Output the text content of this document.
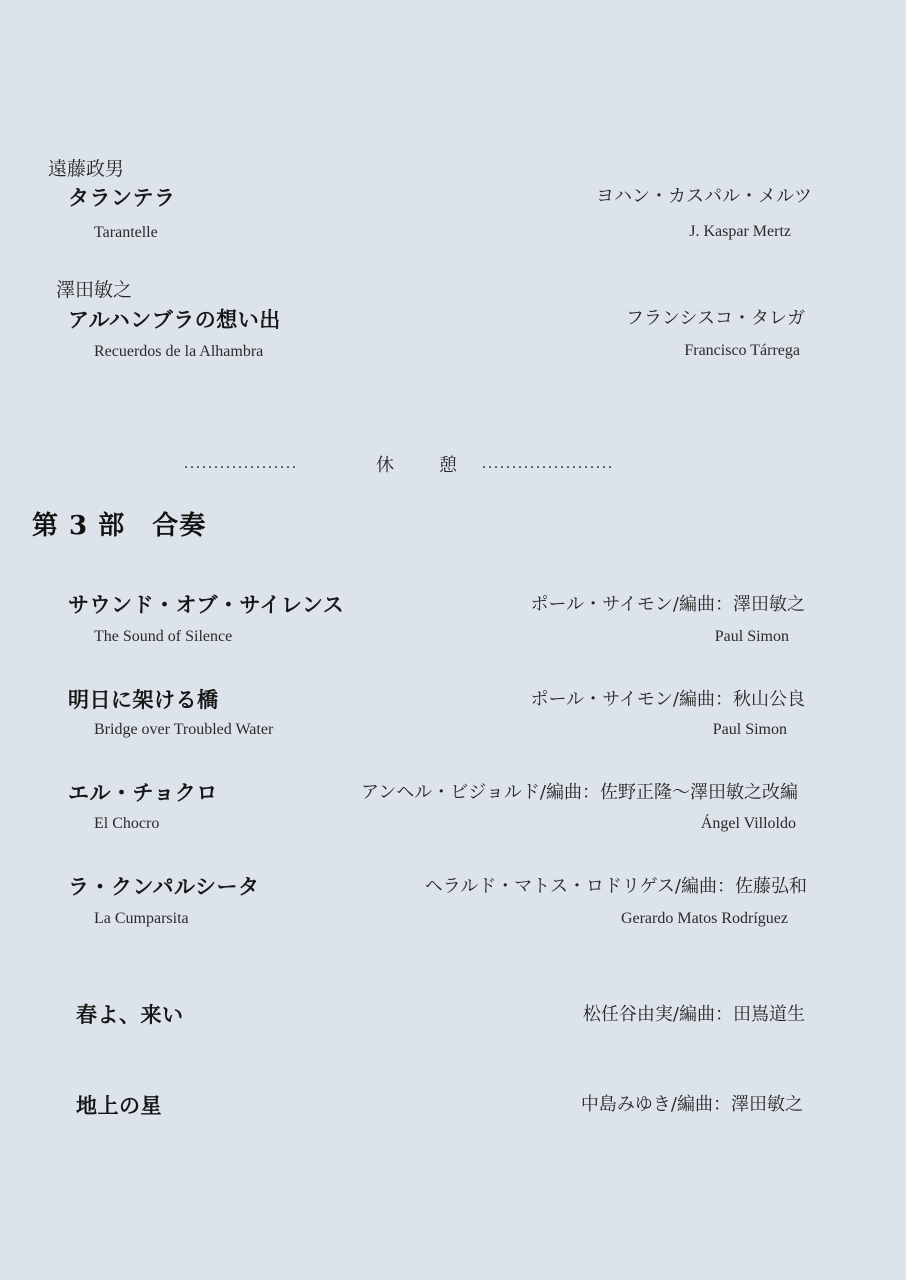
遠藤政男
タランテラ
Tarantelle
ヨハン・カスパル・メルツ
J. Kaspar Mertz
澤田敏之
アルハンブラの想い出
Recuerdos de la Alhambra
フランシスコ・タレガ
Francisco Tárrega
...................	休	憩 ......................
第 3 部　合奏
サウンド・オブ・サイレンス
The Sound of Silence
ポール・サイモン/編曲：澤田敏之
Paul Simon
明日に架ける橋
Bridge over Troubled Water
ポール・サイモン/編曲：秋山公良
Paul Simon
エル・チョクロ
El Chocro
アンヘル・ビジョルド/編曲：佐野正隆～澤田敏之改編
Ángel Villoldo
ラ・クンパルシータ
La Cumparsita
ヘラルド・マトス・ロドリゲス/編曲：佐藤弘和
Gerardo Matos Rodríguez
春よ、来い	松任谷由実/編曲：田嶌道生
地上の星	中島みゆき/編曲：澤田敏之
